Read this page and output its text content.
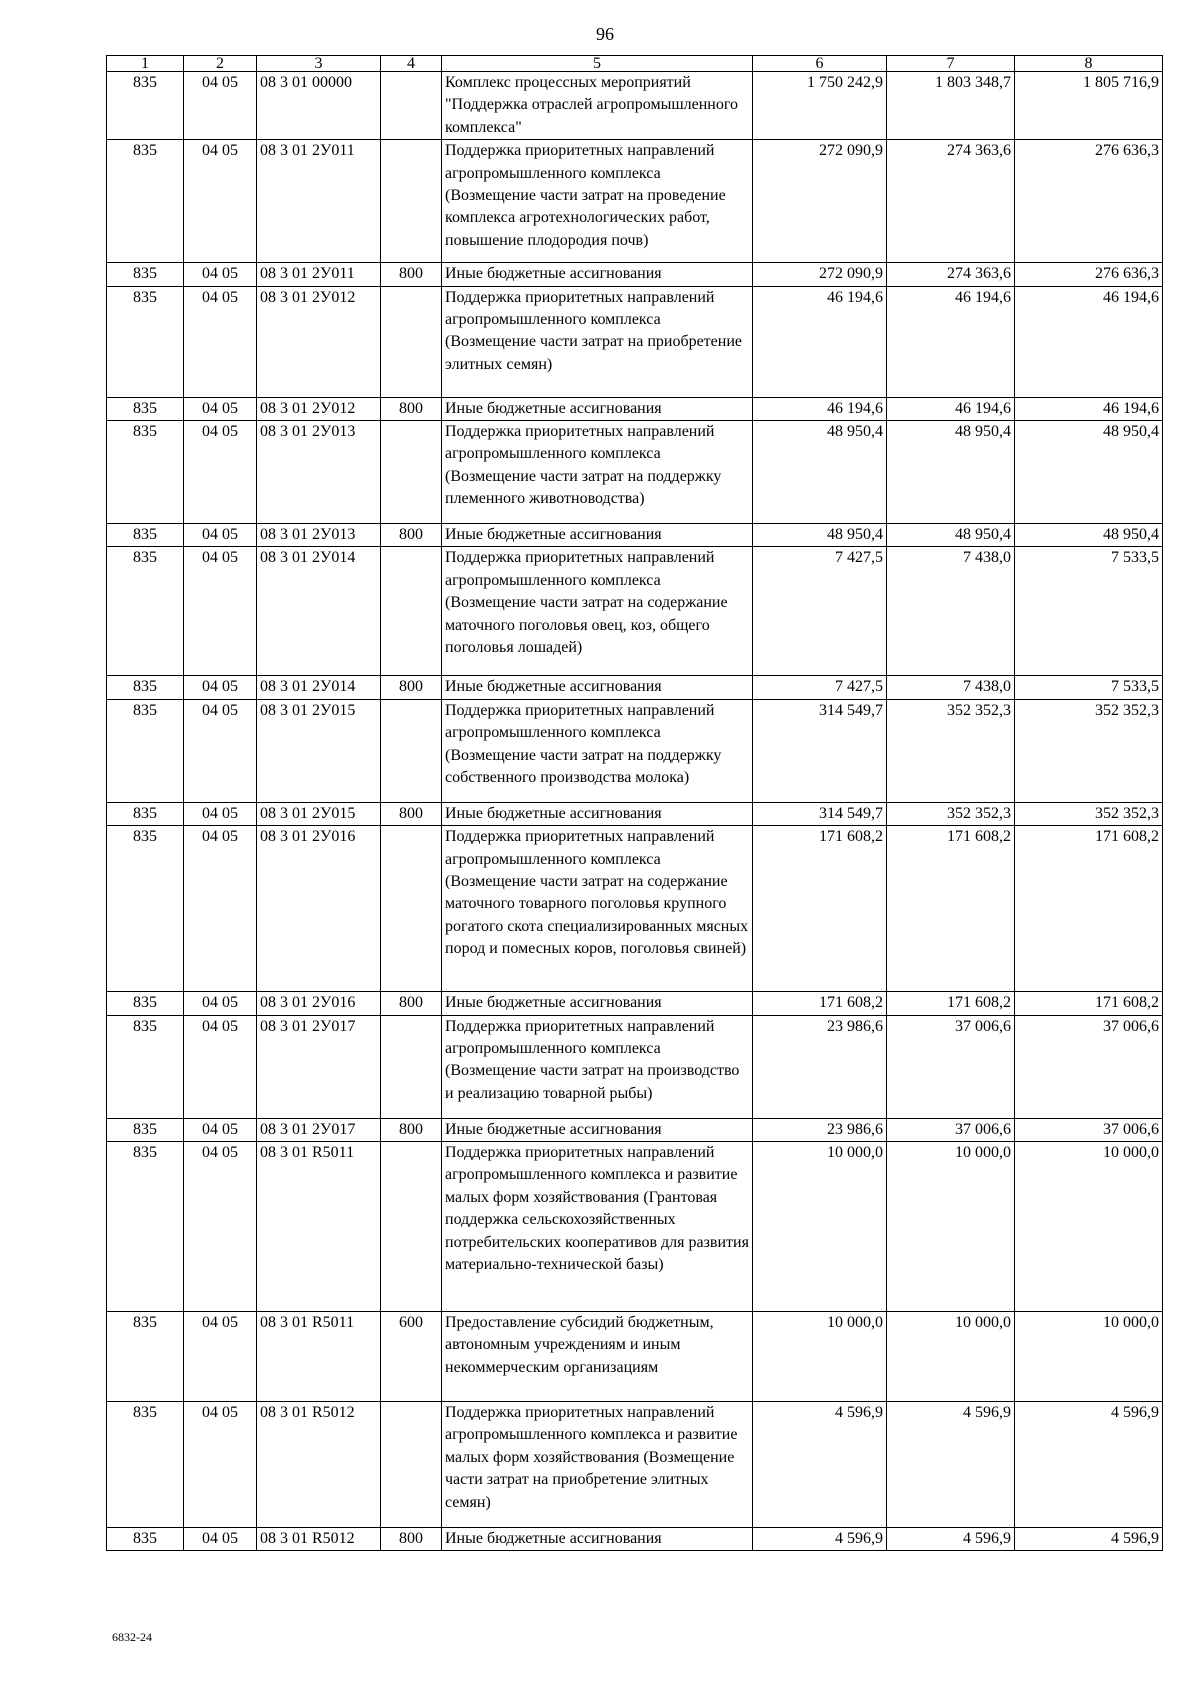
96
1	2	3	4	5	6	7	8
835	04 05	08 3 01 00000		Комплекс процессных мероприятий "Поддержка отраслей агропромышленного комплекса"	1 750 242,9	1 803 348,7	1 805 716,9
835	04 05	08 3 01 2У011		Поддержка приоритетных направлений агропромышленного комплекса (Возмещение части затрат на проведение комплекса агротехнологических работ, повышение плодородия почв)	272 090,9	274 363,6	276 636,3
835	04 05	08 3 01 2У011	800	Иные бюджетные ассигнования	272 090,9	274 363,6	276 636,3
835	04 05	08 3 01 2У012		Поддержка приоритетных направлений агропромышленного комплекса (Возмещение части затрат на приобретение элитных семян)	46 194,6	46 194,6	46 194,6
835	04 05	08 3 01 2У012	800	Иные бюджетные ассигнования	46 194,6	46 194,6	46 194,6
835	04 05	08 3 01 2У013		Поддержка приоритетных направлений агропромышленного комплекса (Возмещение части затрат на поддержку племенного животноводства)	48 950,4	48 950,4	48 950,4
835	04 05	08 3 01 2У013	800	Иные бюджетные ассигнования	48 950,4	48 950,4	48 950,4
835	04 05	08 3 01 2У014		Поддержка приоритетных направлений агропромышленного комплекса (Возмещение части затрат на содержание маточного поголовья овец, коз, общего поголовья лошадей)	7 427,5	7 438,0	7 533,5
835	04 05	08 3 01 2У014	800	Иные бюджетные ассигнования	7 427,5	7 438,0	7 533,5
835	04 05	08 3 01 2У015		Поддержка приоритетных направлений агропромышленного комплекса (Возмещение части затрат на поддержку собственного производства молока)	314 549,7	352 352,3	352 352,3
835	04 05	08 3 01 2У015	800	Иные бюджетные ассигнования	314 549,7	352 352,3	352 352,3
835	04 05	08 3 01 2У016		Поддержка приоритетных направлений агропромышленного комплекса (Возмещение части затрат на содержание маточного товарного поголовья крупного рогатого скота специализированных мясных пород и помесных коров, поголовья свиней)	171 608,2	171 608,2	171 608,2
835	04 05	08 3 01 2У016	800	Иные бюджетные ассигнования	171 608,2	171 608,2	171 608,2
835	04 05	08 3 01 2У017		Поддержка приоритетных направлений агропромышленного комплекса (Возмещение части затрат на производство и реализацию товарной рыбы)	23 986,6	37 006,6	37 006,6
835	04 05	08 3 01 2У017	800	Иные бюджетные ассигнования	23 986,6	37 006,6	37 006,6
835	04 05	08 3 01 R5011		Поддержка приоритетных направлений агропромышленного комплекса и развитие малых форм хозяйствования (Грантовая поддержка сельскохозяйственных потребительских кооперативов для развития материально-технической базы)	10 000,0	10 000,0	10 000,0
835	04 05	08 3 01 R5011	600	Предоставление субсидий бюджетным, автономным учреждениям и иным некоммерческим организациям	10 000,0	10 000,0	10 000,0
835	04 05	08 3 01 R5012		Поддержка приоритетных направлений агропромышленного комплекса и развитие малых форм хозяйствования (Возмещение части затрат на приобретение элитных семян)	4 596,9	4 596,9	4 596,9
835	04 05	08 3 01 R5012	800	Иные бюджетные ассигнования	4 596,9	4 596,9	4 596,9
6832-24
